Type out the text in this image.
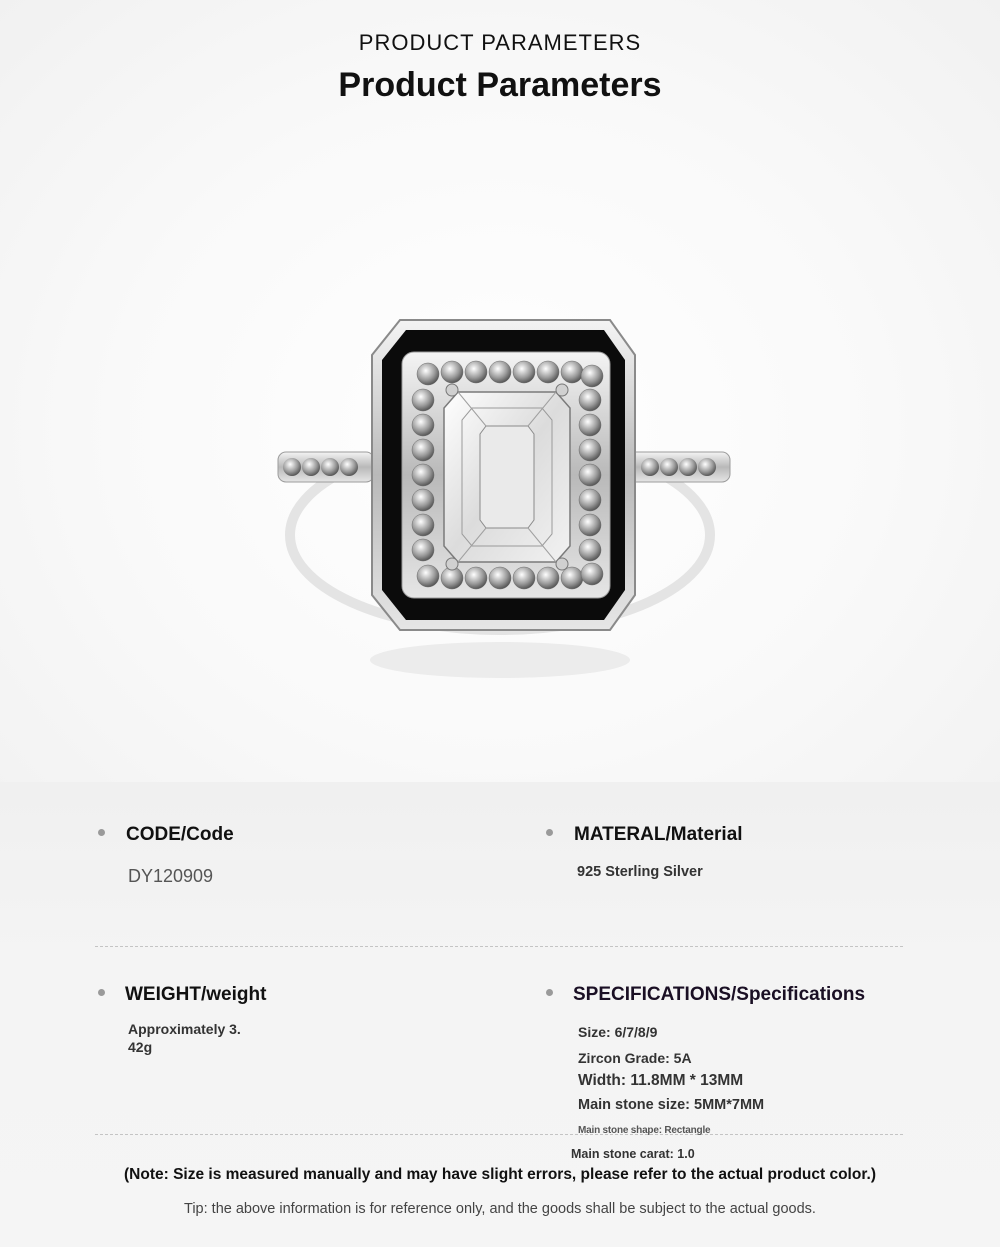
PRODUCT PARAMETERS
Product Parameters
CODE/Code
DY120909
MATERAL/Material
925 Sterling Silver
WEIGHT/weight
Approximately 3.
42g
SPECIFICATIONS/Specifications
Size: 6/7/8/9
Zircon Grade: 5A
Width: 11.8MM * 13MM
Main stone size: 5MM*7MM
Main stone shape: Rectangle
Main stone carat: 1.0
(Note: Size is measured manually and may have slight errors, please refer to the actual product color.)
Tip: the above information is for reference only, and the goods shall be subject to the actual goods.
